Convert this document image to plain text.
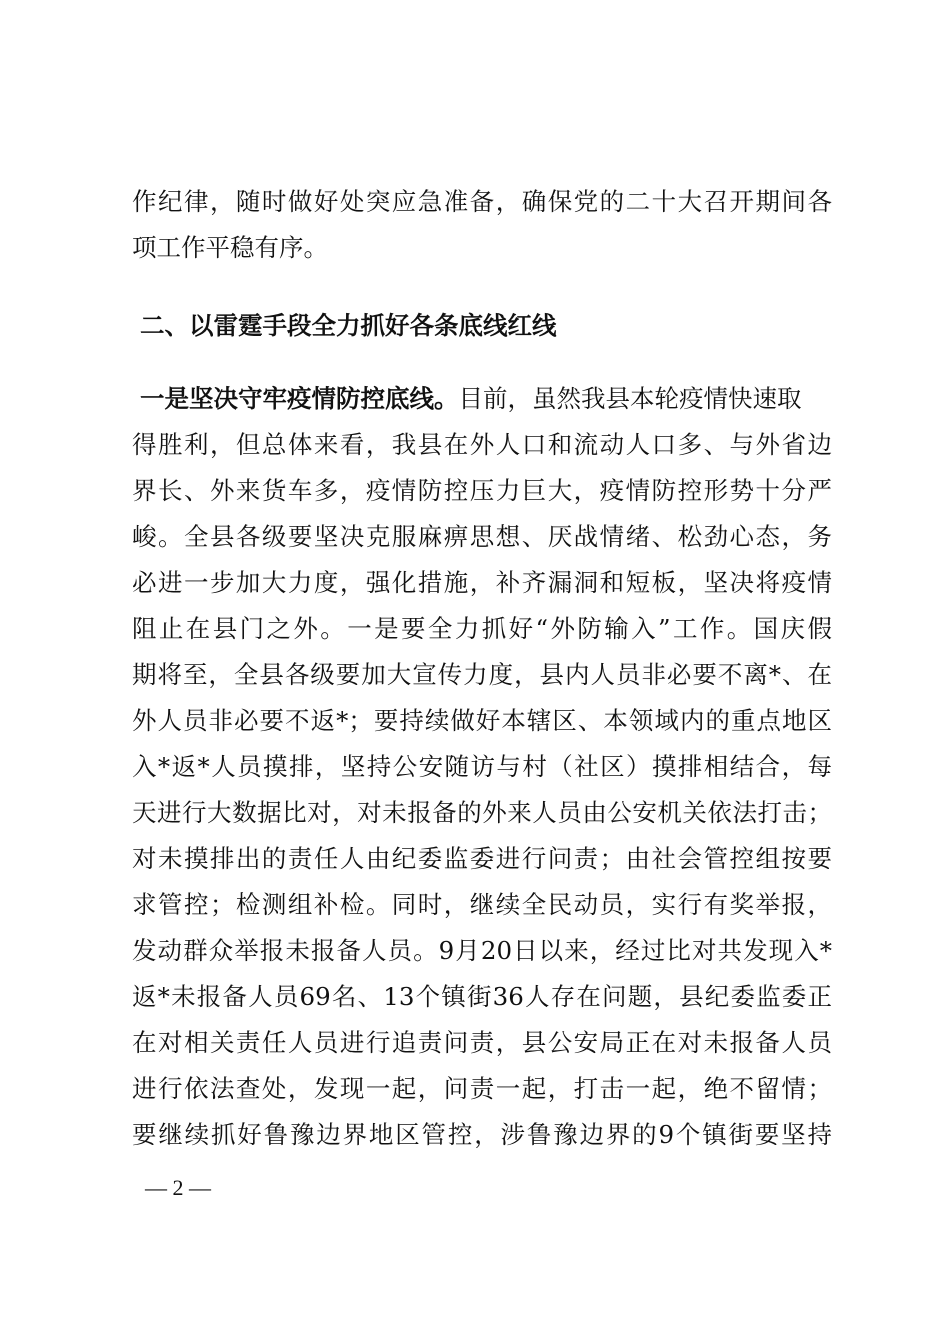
作纪律，随时做好处突应急准备，确保党的二十大召开期间各
项工作平稳有序。
二、以雷霆手段全力抓好各条底线红线
一是坚决守牢疫情防控底线。目前，虽然我县本轮疫情快速取
得胜利，但总体来看，我县在外人口和流动人口多、与外省边
界长、外来货车多，疫情防控压力巨大，疫情防控形势十分严
峻。全县各级要坚决克服麻痹思想、厌战情绪、松劲心态，务
必进一步加大力度，强化措施，补齐漏洞和短板，坚决将疫情
阻止在县门之外。一是要全力抓好“外防输入”工作。国庆假
期将至，全县各级要加大宣传力度，县内人员非必要不离*、在
外人员非必要不返*；要持续做好本辖区、本领域内的重点地区
入*返*人员摸排，坚持公安随访与村（社区）摸排相结合，每
天进行大数据比对，对未报备的外来人员由公安机关依法打击；
对未摸排出的责任人由纪委监委进行问责；由社会管控组按要
求管控；检测组补检。同时，继续全民动员，实行有奖举报，
发动群众举报未报备人员。9月20日以来，经过比对共发现入*
返*未报备人员69名、13个镇街36人存在问题，县纪委监委正
在对相关责任人员进行追责问责，县公安局正在对未报备人员
进行依法查处，发现一起，问责一起，打击一起，绝不留情；
要继续抓好鲁豫边界地区管控，涉鲁豫边界的9个镇街要坚持
— 2 —
